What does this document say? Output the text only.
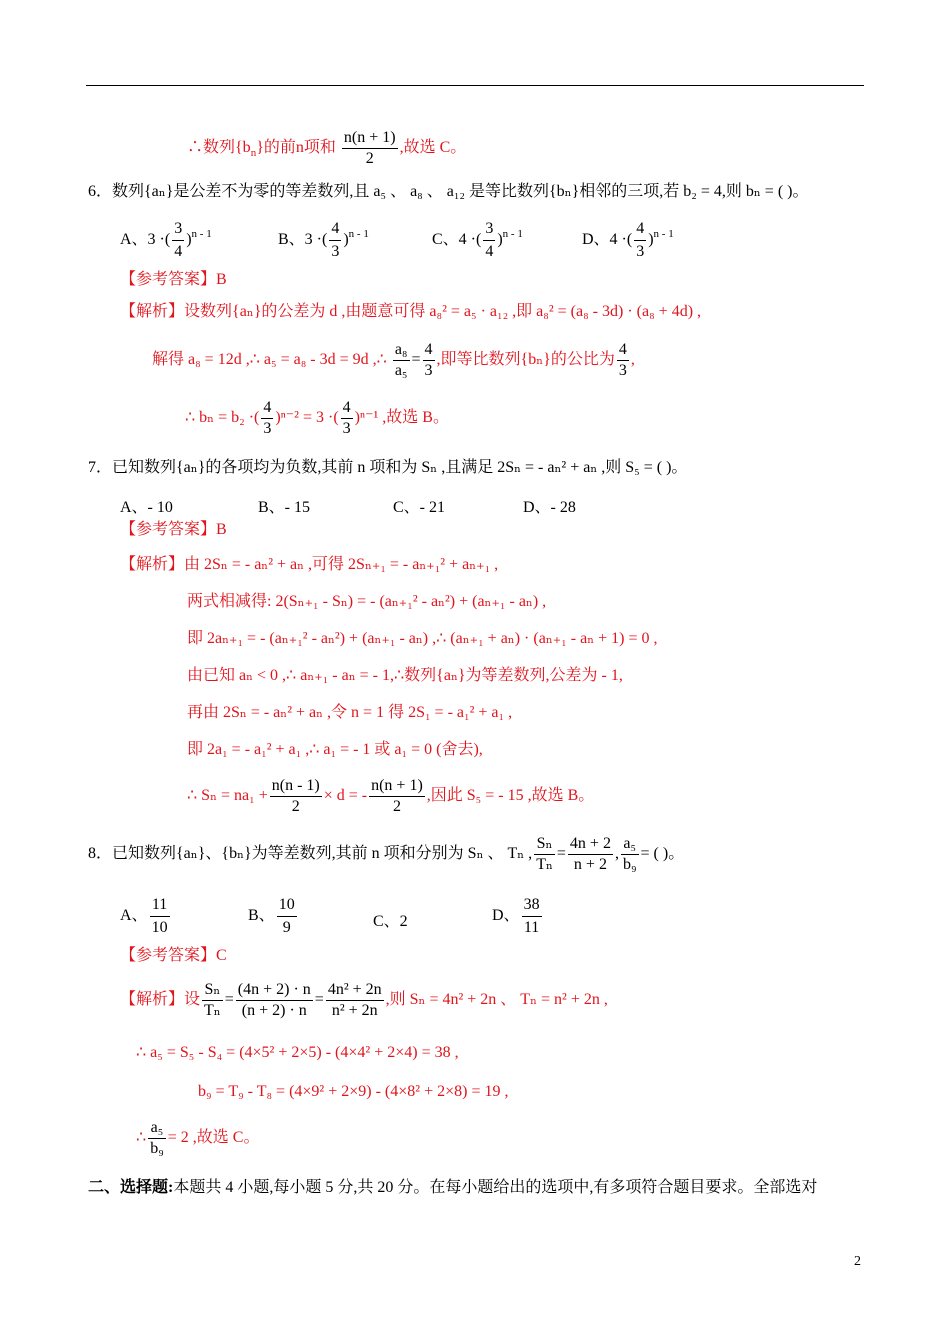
∴数列$\{b_n\}$的前n项和 $\frac{n(n + 1)}{2}$ ,故选 C。
6．数列{aₙ}是公差不为零的等差数列,且 a₅ 、 a₈ 、 a₁₂ 是等比数列{bₙ}相邻的三项,若 b₂ = 4,则 bₙ = ( )。
A、3 ·( $\frac{3}{4} )^{n - 1}$	B、3 ·( $\frac{4}{3} )^{n - 1}$	C、4 ·( $\frac{3}{4} )^{n - 1}$	D、4 ·( $\frac{4}{3} )^{n - 1}$
【参考答案】B
【解析】设数列{aₙ}的公差为 d ,由题意可得 a₈² = a₅ · a₁₂ ,即 a₈² = (a₈ - 3d) · (a₈ + 4d) ,
解得 a₈ = 12d ,∴ a₅ = a₈ - 3d = 9d ,∴ $\frac{\text{a₈}}{\text{a₅}} = \frac{4}{3}$ ,即等比数列{bₙ}的公比为 $\frac{4}{3}$ ,
∴ bₙ = b₂ ·( $\frac{4}{3} )^{n-2} = 3$ ·( $\frac{4}{3} )^{n-1}$ ,故选 B。
7．已知数列{aₙ}的各项均为负数,其前 n 项和为 Sₙ ,且满足 2Sₙ = - aₙ² + aₙ ,则 S₅ = ( )。
A、- 10	B、- 15	C、- 21	D、- 28
【参考答案】B
【解析】由 2Sₙ = - aₙ² + aₙ ,可得 2Sₙ₊₁ = - aₙ₊₁² + aₙ₊₁ ,
两式相减得: 2(Sₙ₊₁ - Sₙ) = - (aₙ₊₁² - aₙ²) + (aₙ₊₁ - aₙ) ,
即 2aₙ₊₁ = - (aₙ₊₁² - aₙ²) + (aₙ₊₁ - aₙ) ,∴ (aₙ₊₁ + aₙ) · (aₙ₊₁ - aₙ + 1) = 0 ,
由已知 aₙ < 0 ,∴ aₙ₊₁ - aₙ = - 1,∴数列{aₙ}为等差数列,公差为 - 1,
再由 2Sₙ = - aₙ² + aₙ ,令 n = 1 得 2S₁ = - a₁² + a₁ ,
即 2a₁ = - a₁² + a₁ ,∴ a₁ = - 1 或 a₁ = 0 (舍去),
∴ $S_n = na_1 + \frac{n(n - 1)}{2} \times d$ = - $\frac{n(n + 1)}{2}$ ,因此 S₅ = - 15 ,故选 B。
8．已知数列{aₙ}、{bₙ}为等差数列,其前 n 项和分别为 Sₙ 、 Tₙ , $\frac{\text{Sₙ}}{\text{Tₙ}} = \frac{4n + 2}{n + 2}$ , $\frac{\text{a₅}}{\text{b₉}}$ = ( )。
A、 $\frac{11}{10}$	B、 $\frac{10}{9}$	C、2	D、 $\frac{38}{11}$
【参考答案】C
【解析】设 $\frac{\text{Sₙ}}{\text{Tₙ}} = \frac{(4n + 2) \cdot n}{(n + 2) \cdot n} = \frac{\text{4n² + 2n}}{\text{n² + 2n}}$ ,则 Sₙ = 4n² + 2n 、 Tₙ = n² + 2n ,
∴ a₅ = S₅ - S₄ = (4×5² + 2×5) - (4×4² + 2×4) = 38 ,
b₉ = T₉ - T₈ = (4×9² + 2×9) - (4×8² + 2×8) = 19 ,
∴ $\frac{\text{a₅}}{\text{b₉}} = 2$ ,故选 C。
二、选择题:本题共 4 小题,每小题 5 分,共 20 分。在每小题给出的选项中,有多项符合题目要求。全部选对
2
